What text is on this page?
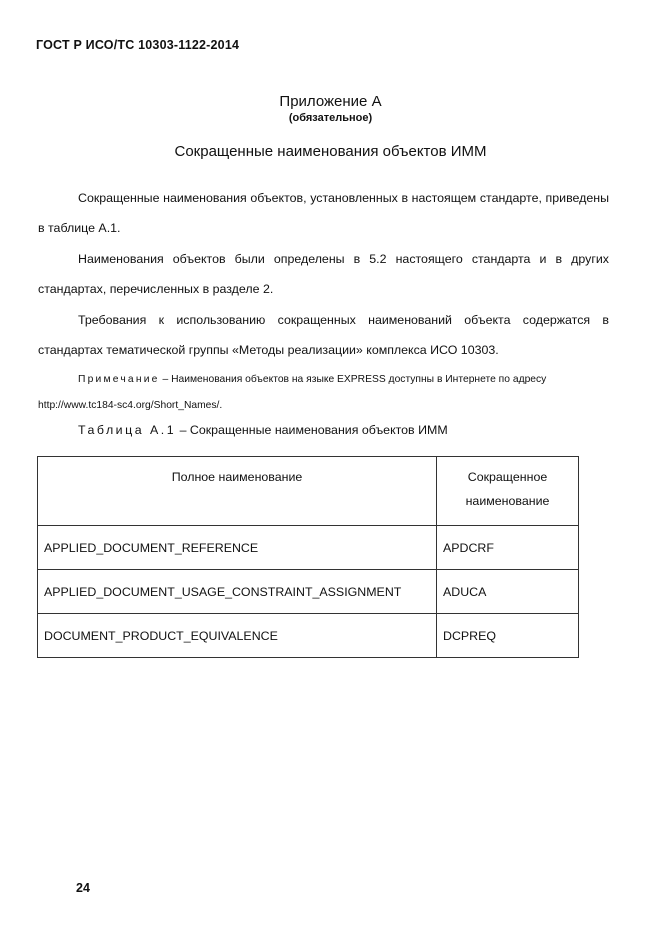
ГОСТ Р ИСО/ТС 10303-1122-2014
Приложение А
(обязательное)
Сокращенные наименования объектов ИММ
Сокращенные наименования объектов, установленных в настоящем стандарте, приведены в таблице А.1.
Наименования объектов были определены в 5.2 настоящего стандарта и в других стандартах, перечисленных в разделе 2.
Требования к использованию сокращенных наименований объекта содержатся в стандартах тематической группы «Методы реализации» комплекса ИСО 10303.
Примечание – Наименования объектов на языке EXPRESS доступны в Интернете по адресу http://www.tc184-sc4.org/Short_Names/.
Таблица А.1 – Сокращенные наименования объектов ИММ
Полное наименование	Сокращенное наименование
APPLIED_DOCUMENT_REFERENCE	APDCRF
APPLIED_DOCUMENT_USAGE_CONSTRAINT_ASSIGNMENT	ADUCA
DOCUMENT_PRODUCT_EQUIVALENCE	DCPREQ
24
